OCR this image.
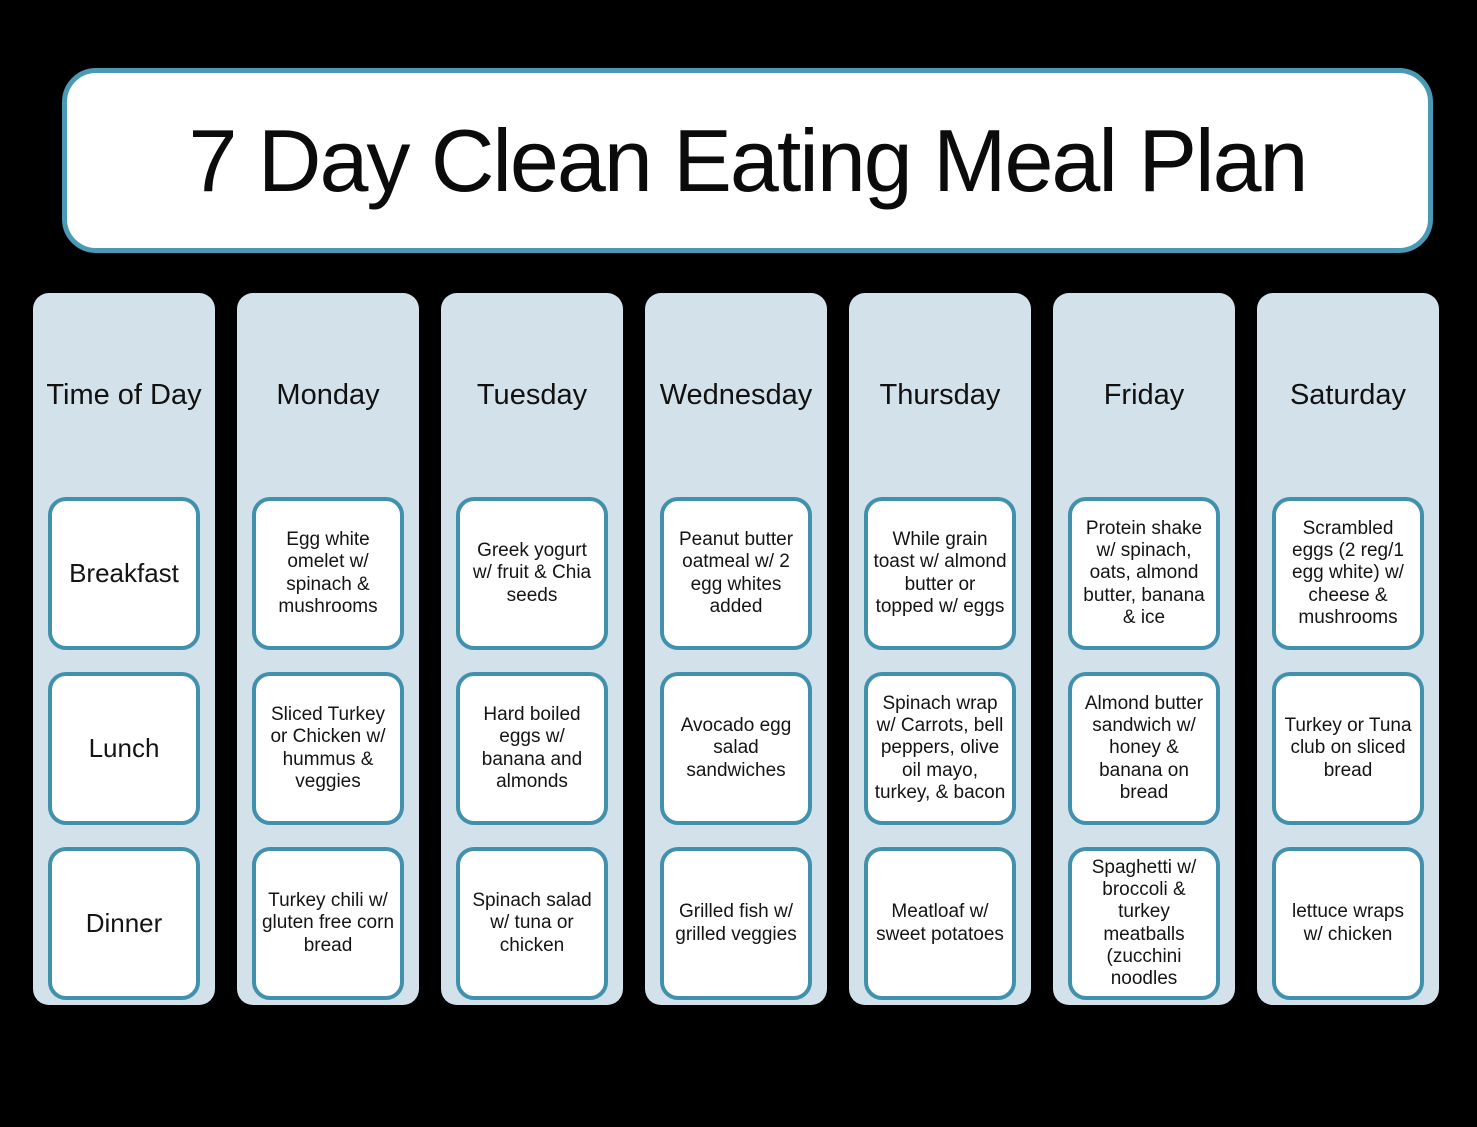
7 Day Clean Eating Meal Plan
Time of Day
Breakfast
Lunch
Dinner
Monday
Egg white omelet w/ spinach & mushrooms
Sliced Turkey or Chicken w/ hummus & veggies
Turkey chili w/ gluten free corn bread
Tuesday
Greek yogurt w/ fruit & Chia seeds
Hard boiled eggs w/ banana and almonds
Spinach salad w/ tuna or chicken
Wednesday
Peanut butter oatmeal w/ 2 egg whites added
Avocado egg salad sandwiches
Grilled fish w/ grilled veggies
Thursday
While grain toast w/ almond butter or topped w/ eggs
Spinach wrap w/ Carrots, bell peppers, olive oil mayo, turkey, & bacon
Meatloaf w/ sweet potatoes
Friday
Protein shake w/ spinach, oats, almond butter, banana & ice
Almond butter sandwich w/ honey & banana on bread
Spaghetti w/ broccoli & turkey meatballs (zucchini noodles
Saturday
Scrambled eggs (2 reg/1 egg white) w/ cheese & mushrooms
Turkey or Tuna club on sliced bread
lettuce wraps w/ chicken
